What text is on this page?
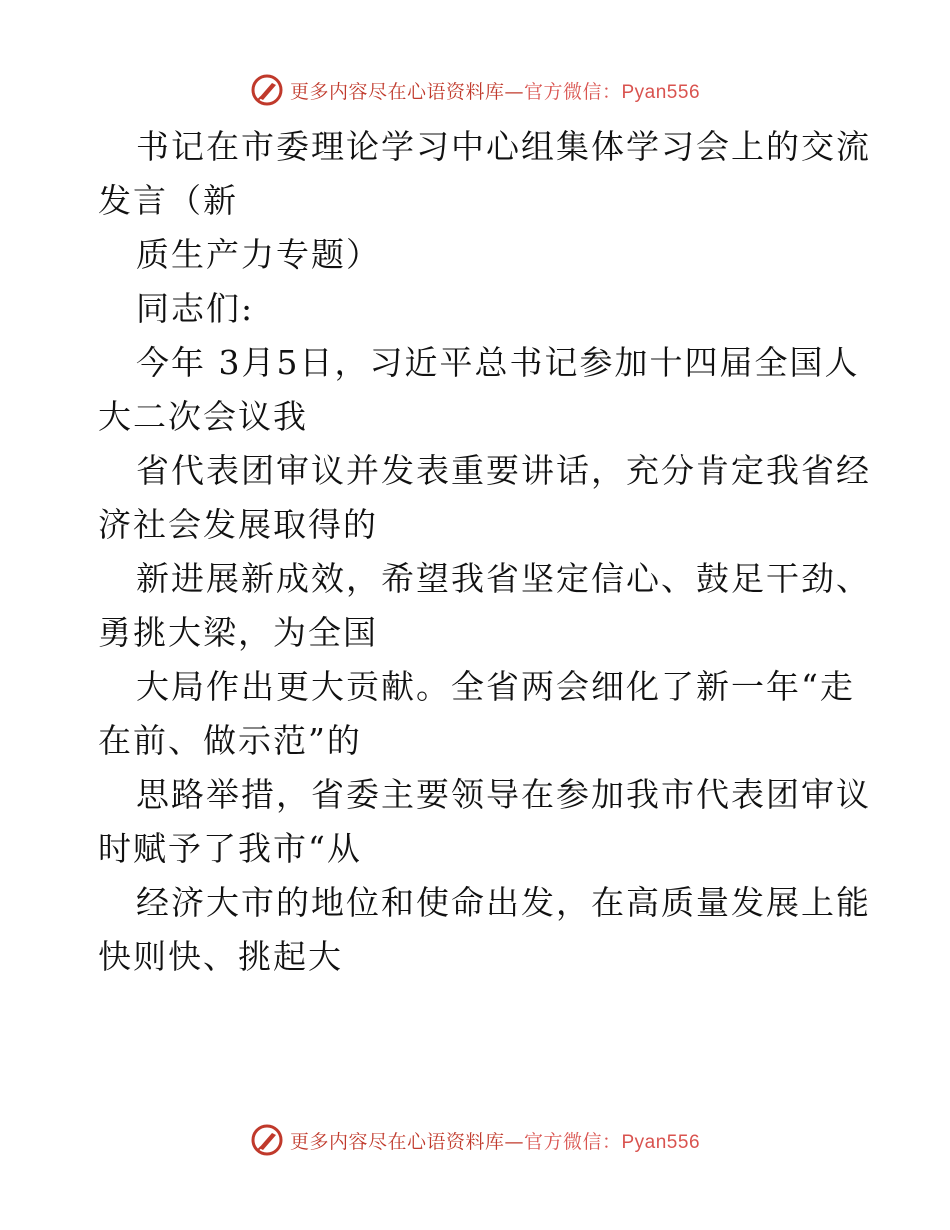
更多内容尽在心语资料库—官方微信：Pyan556
书记在市委理论学习中心组集体学习会上的交流
发言（新
质生产力专题）
同志们:
今年 3月5日，习近平总书记参加十四届全国人
大二次会议我
省代表团审议并发表重要讲话，充分肯定我省经
济社会发展取得的
新进展新成效，希望我省坚定信心、鼓足干劲、
勇挑大梁，为全国
大局作出更大贡献。全省两会细化了新一年“走
在前、做示范”的
思路举措，省委主要领导在参加我市代表团审议
时赋予了我市“从
经济大市的地位和使命出发，在高质量发展上能
快则快、挑起大
更多内容尽在心语资料库—官方微信：Pyan556
